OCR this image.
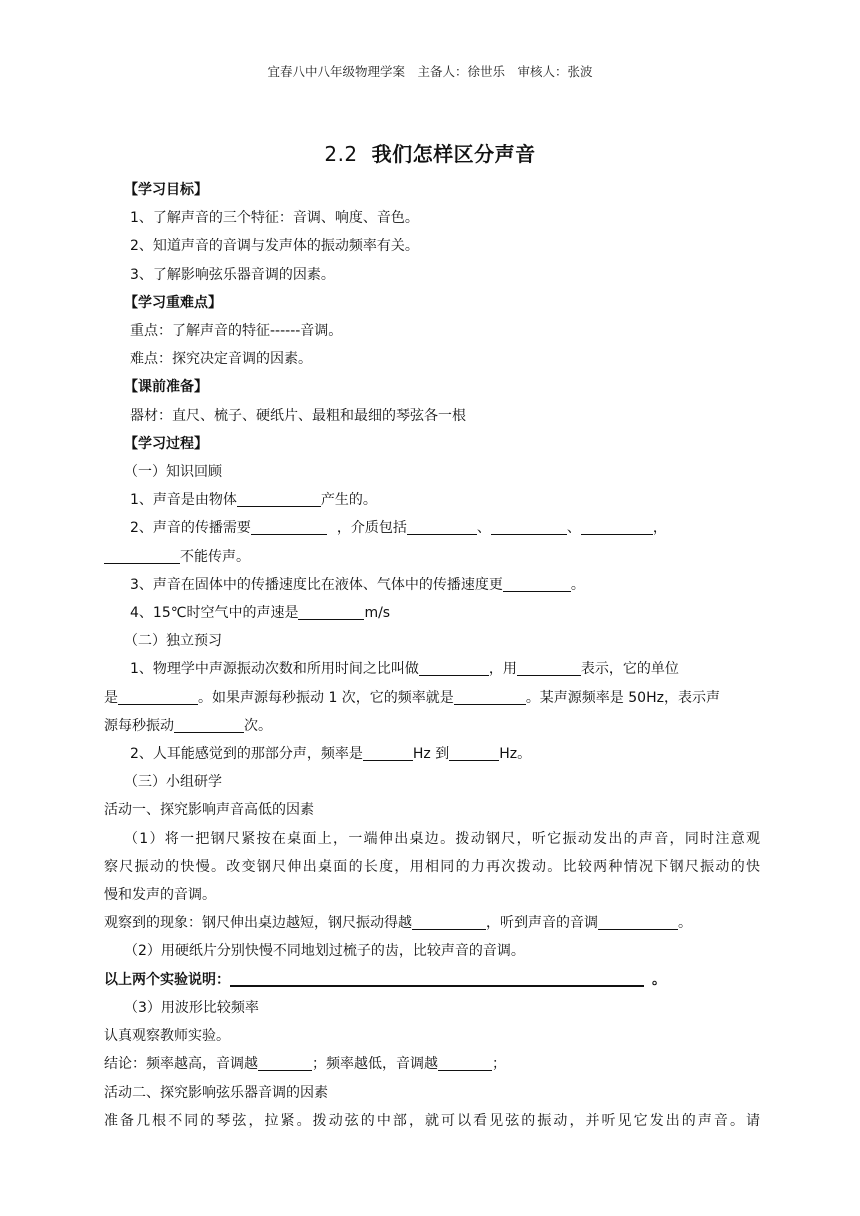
宜春八中八年级物理学案　主备人：徐世乐　审核人：张波
2.2 我们怎样区分声音
【学习目标】
1、了解声音的三个特征：音调、响度、音色。
2、知道声音的音调与发声体的振动频率有关。
3、了解影响弦乐器音调的因素。
【学习重难点】
重点：了解声音的特征------音调。
难点：探究决定音调的因素。
【课前准备】
器材：直尺、梳子、硬纸片、最粗和最细的琴弦各一根
【学习过程】
（一）知识回顾
1、声音是由物体	产生的。
2、声音的传播需要	，介质包括	、	、	，
不能传声。
3、声音在固体中的传播速度比在液体、气体中的传播速度更	。
4、15℃时空气中的声速是	m/s
（二）独立预习
1、物理学中声源振动次数和所用时间之比叫做	，用	表示，它的单位
是	。如果声源每秒振动 1 次，它的频率就是	。某声源频率是 50Hz，表示声
源每秒振动	次。
2、人耳能感觉到的那部分声，频率是	Hz 到	Hz。
（三）小组研学
活动一、探究影响声音高低的因素
（1）将一把钢尺紧按在桌面上，一端伸出桌边。拨动钢尺，听它振动发出的声音，同时注意观
察尺振动的快慢。改变钢尺伸出桌面的长度，用相同的力再次拨动。比较两种情况下钢尺振动的快
慢和发声的音调。
观察到的现象：钢尺伸出桌边越短，钢尺振动得越	，听到声音的音调	。
（2）用硬纸片分别快慢不同地划过梳子的齿，比较声音的音调。
以上两个实验说明：	。
（3）用波形比较频率
认真观察教师实验。
结论：频率越高，音调越	；频率越低，音调越	；
活动二、探究影响弦乐器音调的因素
准备几根不同的琴弦，拉紧。拨动弦的中部，就可以看见弦的振动，并听见它发出的声音。请
